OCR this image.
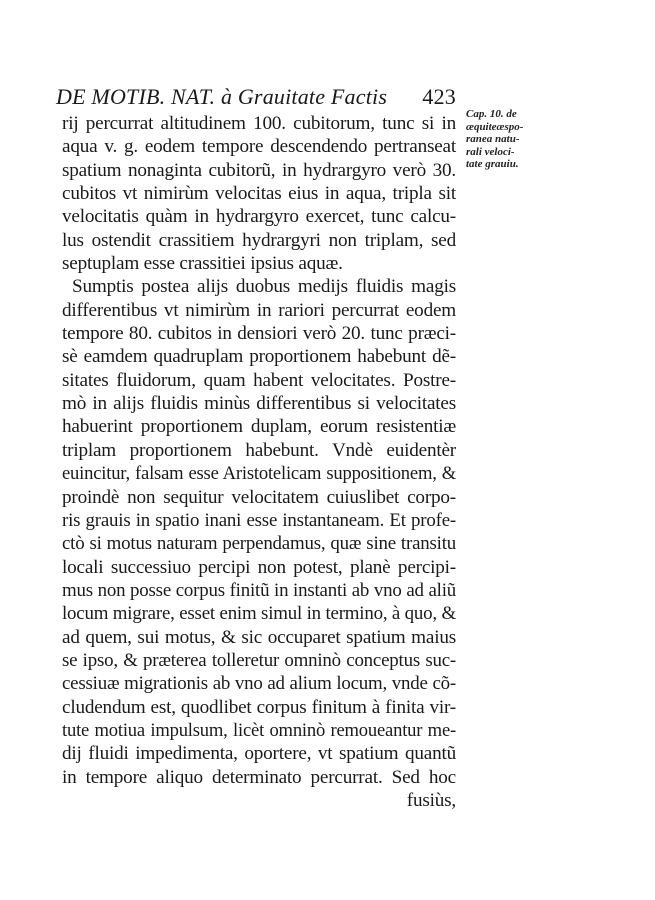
DE MOTIB. NAT. à Grauitate Factis 423
Cap. 10. de
æquiteæspo-
ranea natu-
rali veloci-
tate grauiu.
rij percurrat altitudinem 100. cubitorum, tunc si in
aqua v. g. eodem tempore descendendo pertranseat
spatium nonaginta cubitorũ, in hydrargyro verò 30.
cubitos vt nimirùm velocitas eius in aqua, tripla sit
velocitatis quàm in hydrargyro exercet, tunc calcu-
lus ostendit crassitiem hydrargyri non triplam, sed
septuplam esse crassitiei ipsius aquæ.
Sumptis postea alijs duobus medijs fluidis magis
differentibus vt nimirùm in rariori percurrat eodem
tempore 80. cubitos in densiori verò 20. tunc præci-
sè eamdem quadruplam proportionem habebunt dẽ-
sitates fluidorum, quam habent velocitates. Postre-
mò in alijs fluidis minùs differentibus si velocitates
habuerint proportionem duplam, eorum resistentiæ
triplam proportionem habebunt. Vndè euidentèr
euincitur, falsam esse Aristotelicam suppositionem, &
proindè non sequitur velocitatem cuiuslibet corpo-
ris grauis in spatio inani esse instantaneam. Et profe-
ctò si motus naturam perpendamus, quæ sine transitu
locali successiuo percipi non potest, planè percipi-
mus non posse corpus finitũ in instanti ab vno ad aliũ
locum migrare, esset enim simul in termino, à quo, &
ad quem, sui motus, & sic occuparet spatium maius
se ipso, & præterea tolleretur omninò conceptus suc-
cessiuæ migrationis ab vno ad alium locum, vnde cõ-
cludendum est, quodlibet corpus finitum à finita vir-
tute motiua impulsum, licèt omninò remoueantur me-
dij fluidi impedimenta, oportere, vt spatium quantũ
in tempore aliquo determinato percurrat. Sed hoc
fusiùs,
